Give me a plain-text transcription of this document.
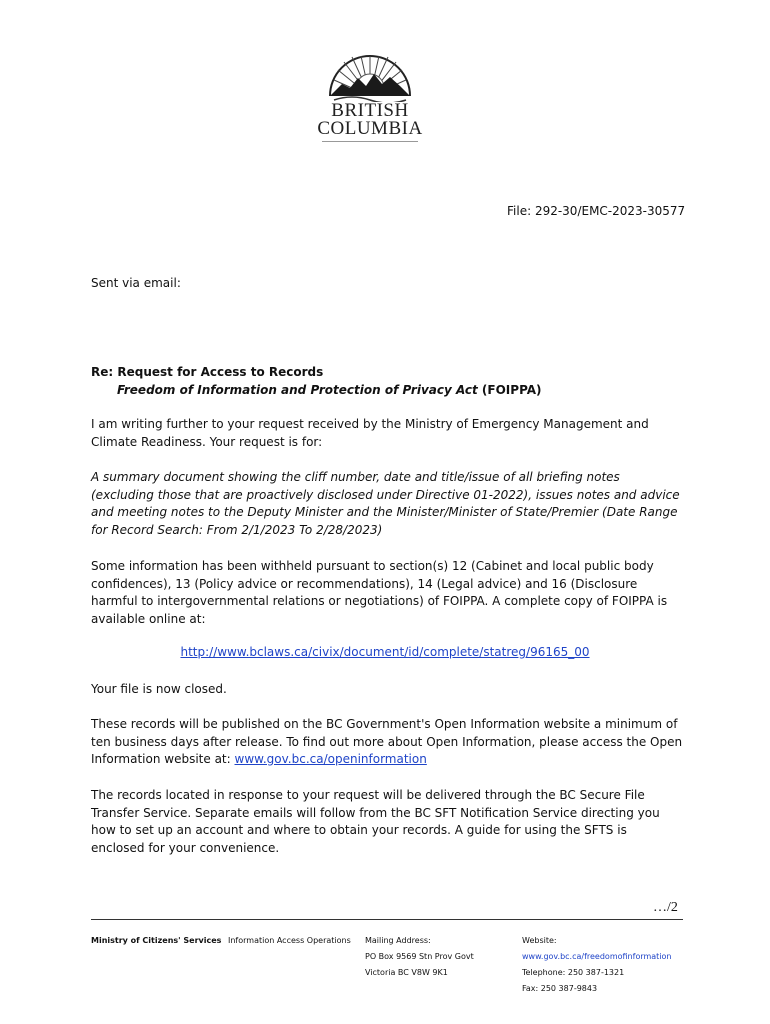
BRITISH
COLUMBIA
File: 292-30/EMC-2023-30577
Sent via email:
Re: Request for Access to Records
Freedom of Information and Protection of Privacy Act (FOIPPA)
I am writing further to your request received by the Ministry of Emergency Management and Climate Readiness. Your request is for:
A summary document showing the cliff number, date and title/issue of all briefing notes (excluding those that are proactively disclosed under Directive 01-2022), issues notes and advice and meeting notes to the Deputy Minister and the Minister/Minister of State/Premier (Date Range for Record Search: From 2/1/2023 To 2/28/2023)
Some information has been withheld pursuant to section(s) 12 (Cabinet and local public body confidences), 13 (Policy advice or recommendations), 14 (Legal advice) and 16 (Disclosure harmful to intergovernmental relations or negotiations) of FOIPPA. A complete copy of FOIPPA is available online at:
http://www.bclaws.ca/civix/document/id/complete/statreg/96165_00
Your file is now closed.
These records will be published on the BC Government's Open Information website a minimum of ten business days after release. To find out more about Open Information, please access the Open Information website at: www.gov.bc.ca/openinformation
The records located in response to your request will be delivered through the BC Secure File Transfer Service. Separate emails will follow from the BC SFT Notification Service directing you how to set up an account and where to obtain your records. A guide for using the SFTS is enclosed for your convenience.
…/2
Ministry of Citizens' Services Information Access Operations Mailing Address:
PO Box 9569 Stn Prov Govt
Victoria BC V8W 9K1
Website:
www.gov.bc.ca/freedomofinformation
Telephone: 250 387-1321
Fax: 250 387-9843
